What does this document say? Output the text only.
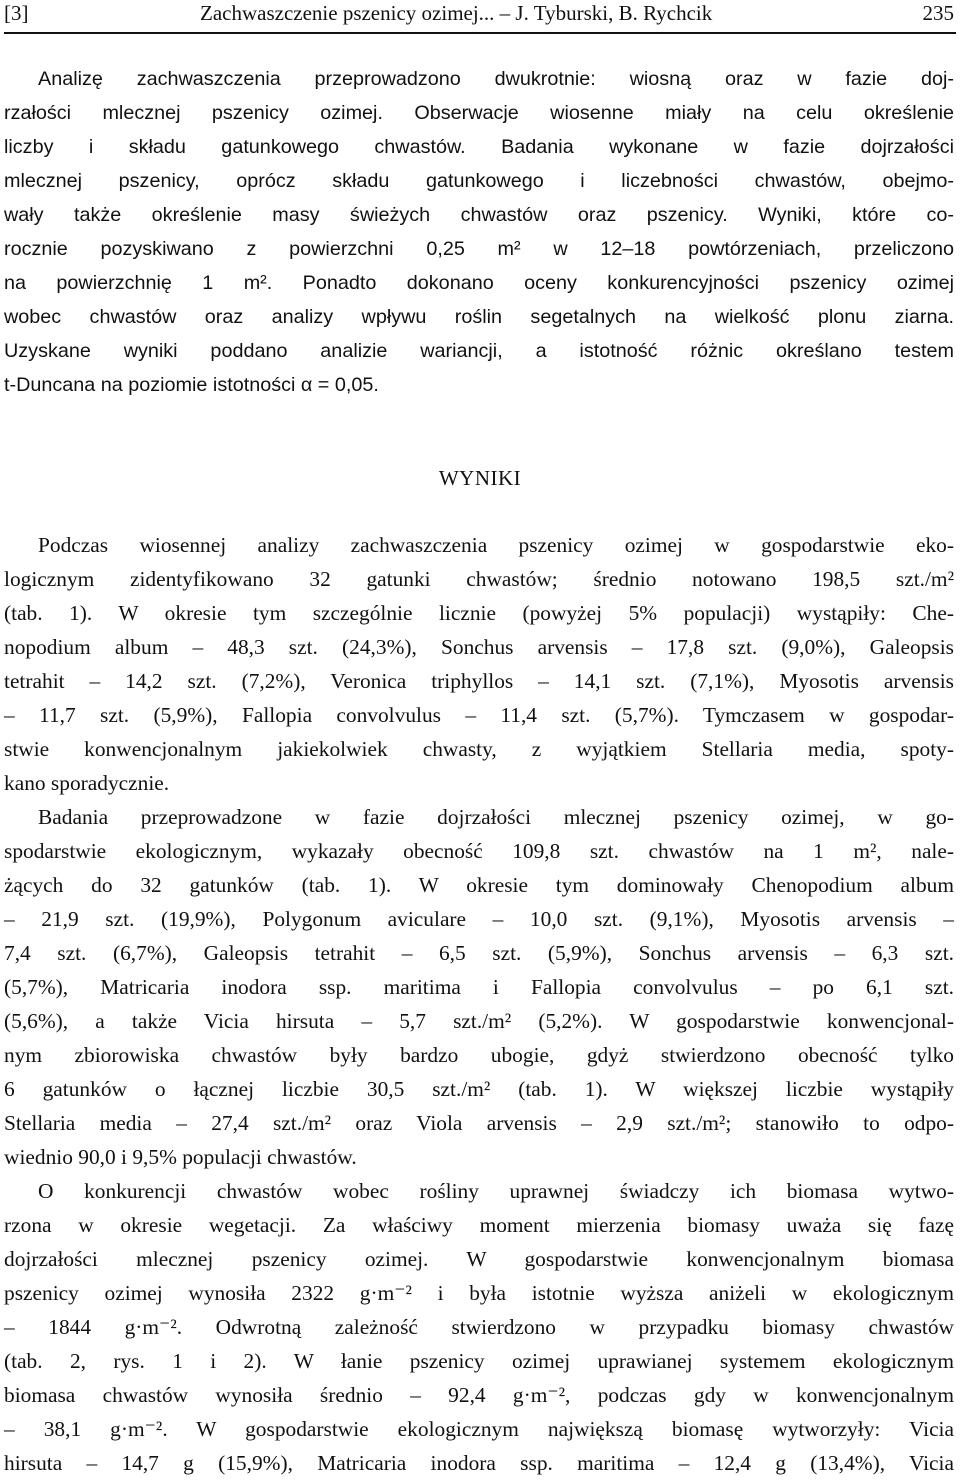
[3]	Zachwaszczenie pszenicy ozimej... – J. Tyburski, B. Rychcik	235
Analizę zachwaszczenia przeprowadzono dwukrotnie: wiosną oraz w fazie doj-
rzałości mlecznej pszenicy ozimej. Obserwacje wiosenne miały na celu określenie
liczby i składu gatunkowego chwastów. Badania wykonane w fazie dojrzałości
mlecznej pszenicy, oprócz składu gatunkowego i liczebności chwastów, obejmo-
wały także określenie masy świeżych chwastów oraz pszenicy. Wyniki, które co-
rocznie pozyskiwano z powierzchni 0,25 m² w 12–18 powtórzeniach, przeliczono
na powierzchnię 1 m². Ponadto dokonano oceny konkurencyjności pszenicy ozimej
wobec chwastów oraz analizy wpływu roślin segetalnych na wielkość plonu ziarna.
Uzyskane wyniki poddano analizie wariancji, a istotność różnic określano testem
t-Duncana na poziomie istotności α = 0,05.
WYNIKI
Podczas wiosennej analizy zachwaszczenia pszenicy ozimej w gospodarstwie eko-
logicznym zidentyfikowano 32 gatunki chwastów; średnio notowano 198,5 szt./m²
(tab. 1). W okresie tym szczególnie licznie (powyżej 5% populacji) wystąpiły: Che-
nopodium album – 48,3 szt. (24,3%), Sonchus arvensis – 17,8 szt. (9,0%), Galeopsis
tetrahit – 14,2 szt. (7,2%), Veronica triphyllos – 14,1 szt. (7,1%), Myosotis arvensis
– 11,7 szt. (5,9%), Fallopia convolvulus – 11,4 szt. (5,7%). Tymczasem w gospodar-
stwie konwencjonalnym jakiekolwiek chwasty, z wyjątkiem Stellaria media, spoty-
kano sporadycznie.
Badania przeprowadzone w fazie dojrzałości mlecznej pszenicy ozimej, w go-
spodarstwie ekologicznym, wykazały obecność 109,8 szt. chwastów na 1 m², nale-
żących do 32 gatunków (tab. 1). W okresie tym dominowały Chenopodium album
– 21,9 szt. (19,9%), Polygonum aviculare – 10,0 szt. (9,1%), Myosotis arvensis –
7,4 szt. (6,7%), Galeopsis tetrahit – 6,5 szt. (5,9%), Sonchus arvensis – 6,3 szt.
(5,7%), Matricaria inodora ssp. maritima i Fallopia convolvulus – po 6,1 szt.
(5,6%), a także Vicia hirsuta – 5,7 szt./m² (5,2%). W gospodarstwie konwencjonal-
nym zbiorowiska chwastów były bardzo ubogie, gdyż stwierdzono obecność tylko
6 gatunków o łącznej liczbie 30,5 szt./m² (tab. 1). W większej liczbie wystąpiły
Stellaria media – 27,4 szt./m² oraz Viola arvensis – 2,9 szt./m²; stanowiło to odpo-
wiednio 90,0 i 9,5% populacji chwastów.
O konkurencji chwastów wobec rośliny uprawnej świadczy ich biomasa wytwo-
rzona w okresie wegetacji. Za właściwy moment mierzenia biomasy uważa się fazę
dojrzałości mlecznej pszenicy ozimej. W gospodarstwie konwencjonalnym biomasa
pszenicy ozimej wynosiła 2322 g·m⁻² i była istotnie wyższa aniżeli w ekologicznym
– 1844 g·m⁻². Odwrotną zależność stwierdzono w przypadku biomasy chwastów
(tab. 2, rys. 1 i 2). W łanie pszenicy ozimej uprawianej systemem ekologicznym
biomasa chwastów wynosiła średnio – 92,4 g·m⁻², podczas gdy w konwencjonalnym
– 38,1 g·m⁻². W gospodarstwie ekologicznym największą biomasę wytworzyły: Vicia
hirsuta – 14,7 g (15,9%), Matricaria inodora ssp. maritima – 12,4 g (13,4%), Vicia
